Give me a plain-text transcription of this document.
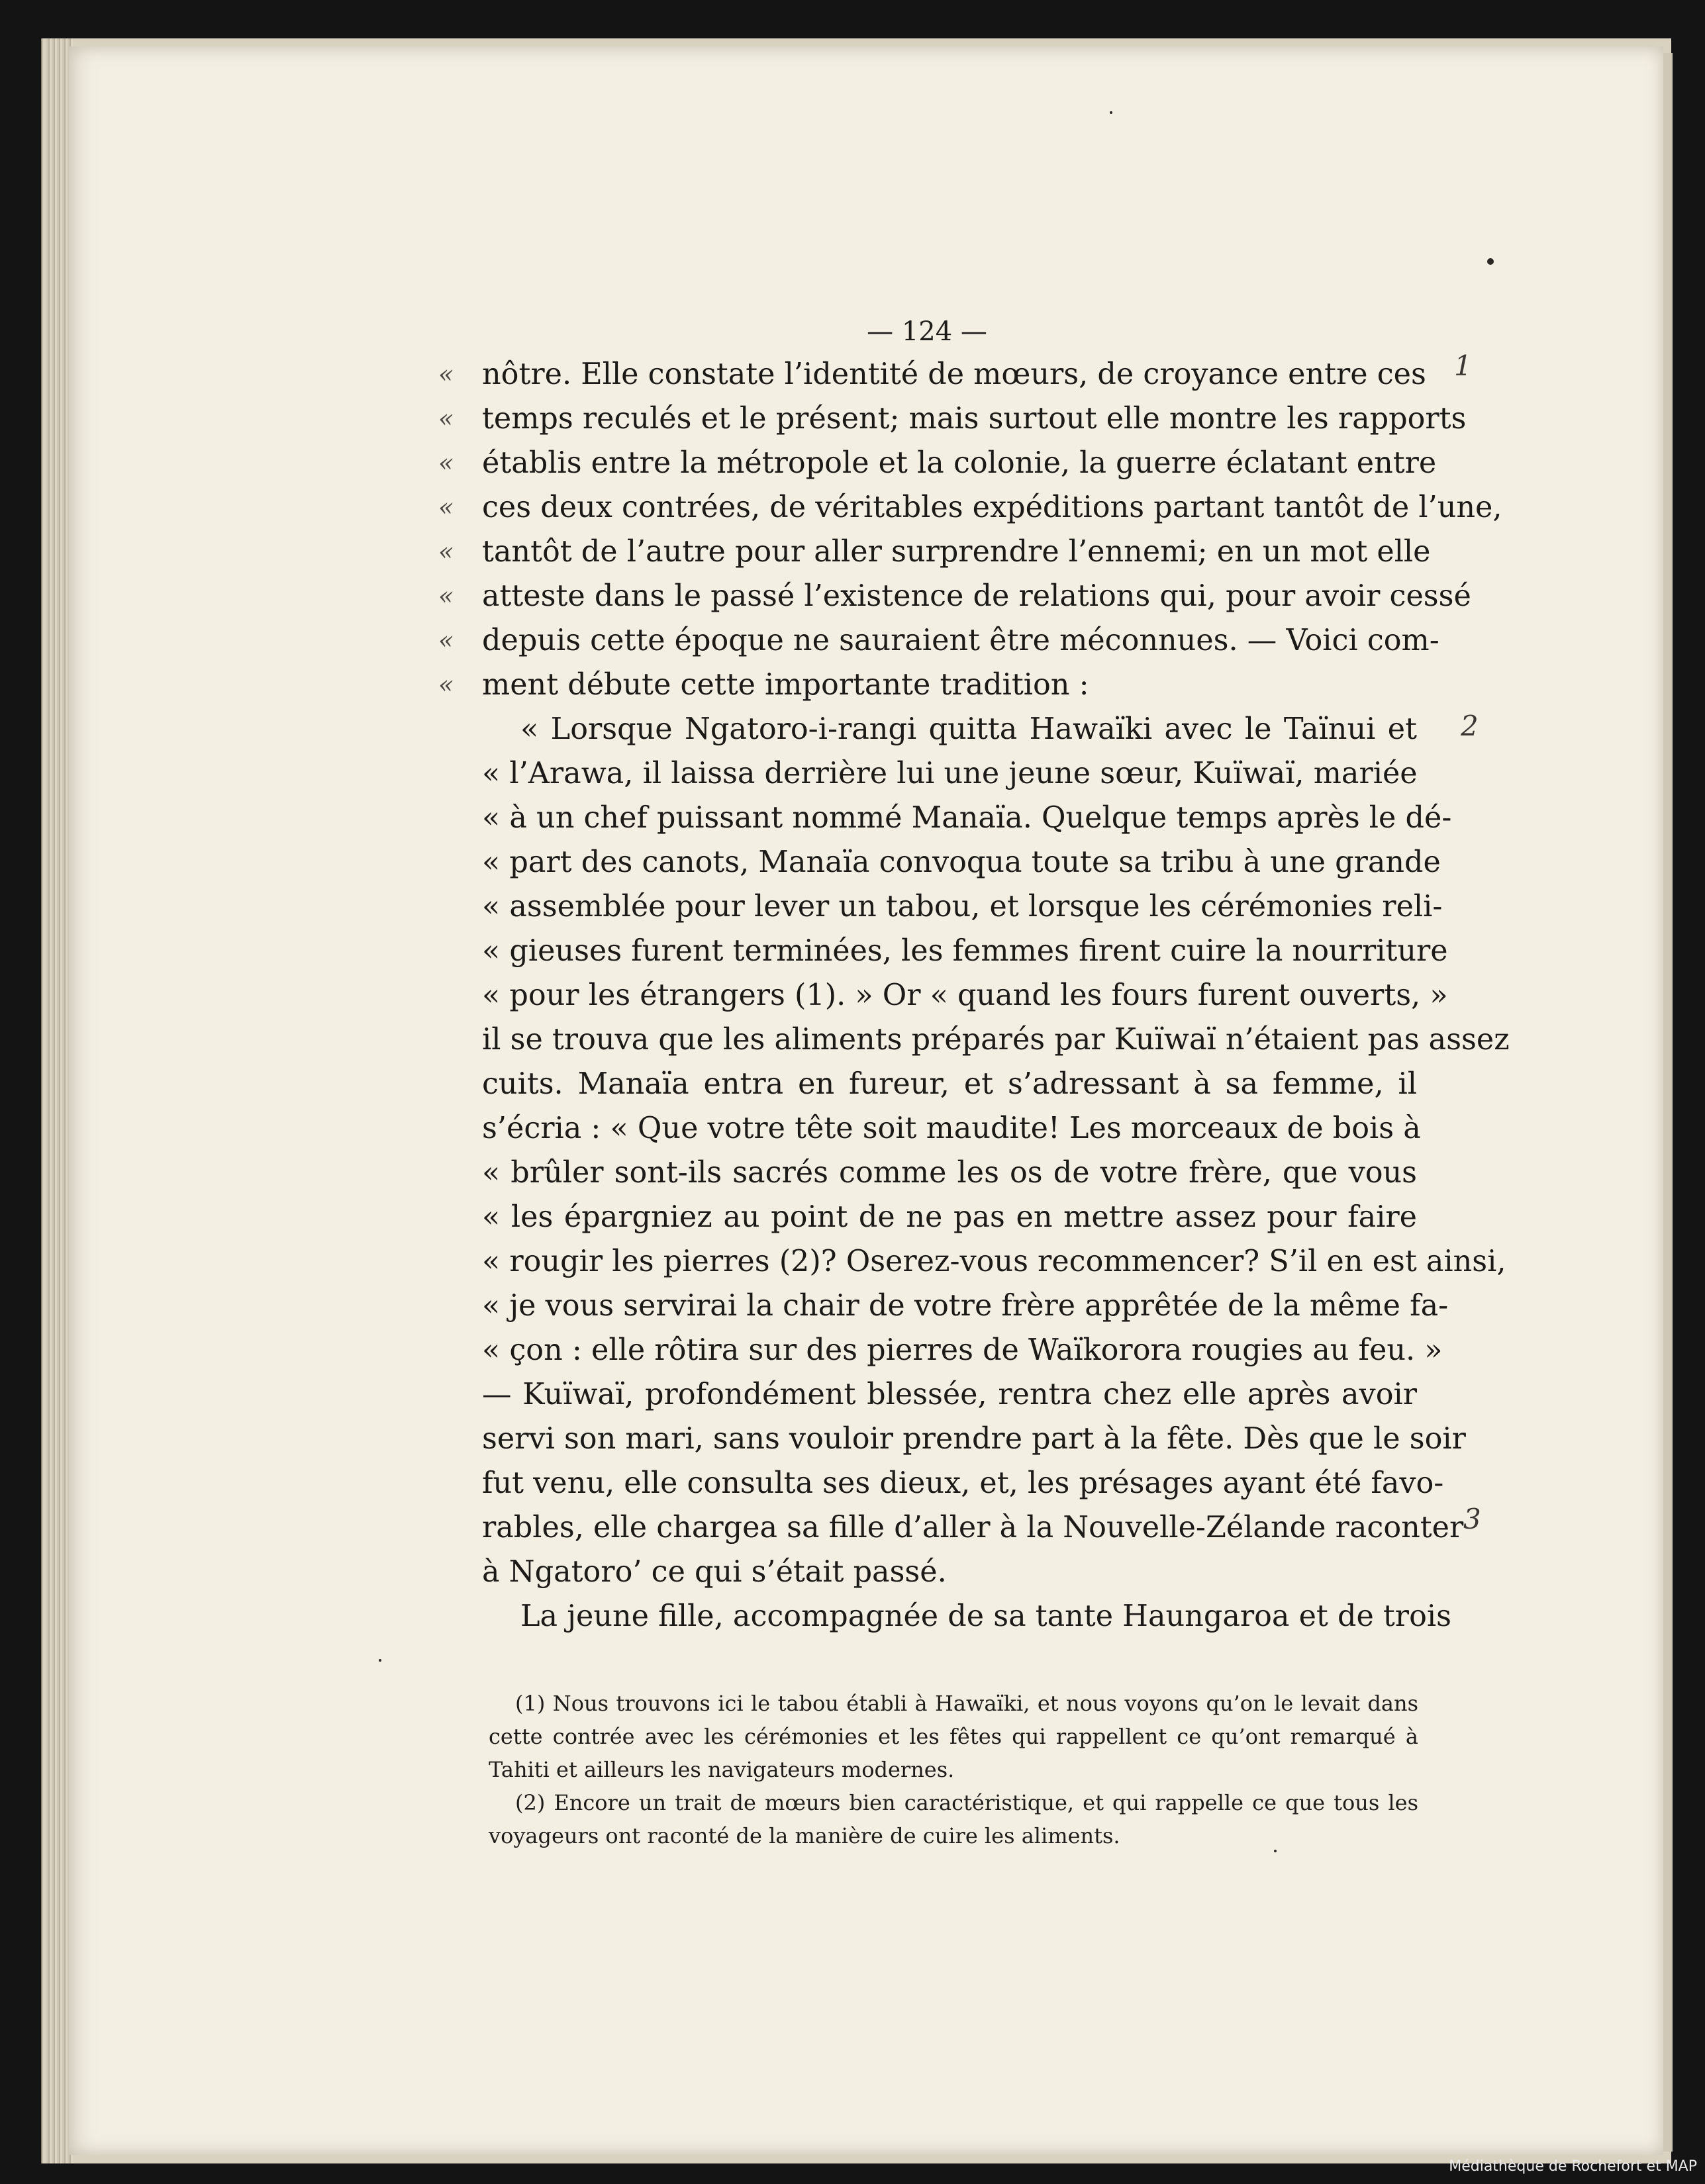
— 124 —
«
«
«
«
«
«
«
«
1
2
3
nôtre. Elle constate l’identité de mœurs, de croyance entre ces
temps reculés et le présent; mais surtout elle montre les rapports
établis entre la métropole et la colonie, la guerre éclatant entre
ces deux contrées, de véritables expéditions partant tantôt de l’une,
tantôt de l’autre pour aller surprendre l’ennemi; en un mot elle
atteste dans le passé l’existence de relations qui, pour avoir cessé
depuis cette époque ne sauraient être méconnues. — Voici com-
ment débute cette importante tradition :
« Lorsque Ngatoro-i-rangi quitta Hawaïki avec le Taïnui et
« l’Arawa, il laissa derrière lui une jeune sœur, Kuïwaï, mariée
« à un chef puissant nommé Manaïa. Quelque temps après le dé-
« part des canots, Manaïa convoqua toute sa tribu à une grande
« assemblée pour lever un tabou, et lorsque les cérémonies reli-
« gieuses furent terminées, les femmes firent cuire la nourriture
« pour les étrangers (1). » Or « quand les fours furent ouverts, »
il se trouva que les aliments préparés par Kuïwaï n’étaient pas assez
cuits. Manaïa entra en fureur, et s’adressant à sa femme, il
s’écria : « Que votre tête soit maudite! Les morceaux de bois à
« brûler sont-ils sacrés comme les os de votre frère, que vous
« les épargniez au point de ne pas en mettre assez pour faire
« rougir les pierres (2)? Oserez-vous recommencer? S’il en est ainsi,
« je vous servirai la chair de votre frère apprêtée de la même fa-
« çon : elle rôtira sur des pierres de Waïkorora rougies au feu. »
— Kuïwaï, profondément blessée, rentra chez elle après avoir
servi son mari, sans vouloir prendre part à la fête. Dès que le soir
fut venu, elle consulta ses dieux, et, les présages ayant été favo-
rables, elle chargea sa fille d’aller à la Nouvelle-Zélande raconter
à Ngatoro’ ce qui s’était passé.
La jeune fille, accompagnée de sa tante Haungaroa et de trois
(1) Nous trouvons ici le tabou établi à Hawaïki, et nous voyons qu’on le levait dans
cette contrée avec les cérémonies et les fêtes qui rappellent ce qu’ont remarqué à
Tahiti et ailleurs les navigateurs modernes.
(2) Encore un trait de mœurs bien caractéristique, et qui rappelle ce que tous les
voyageurs ont raconté de la manière de cuire les aliments.
Médiathèque de Rochefort et MAP
